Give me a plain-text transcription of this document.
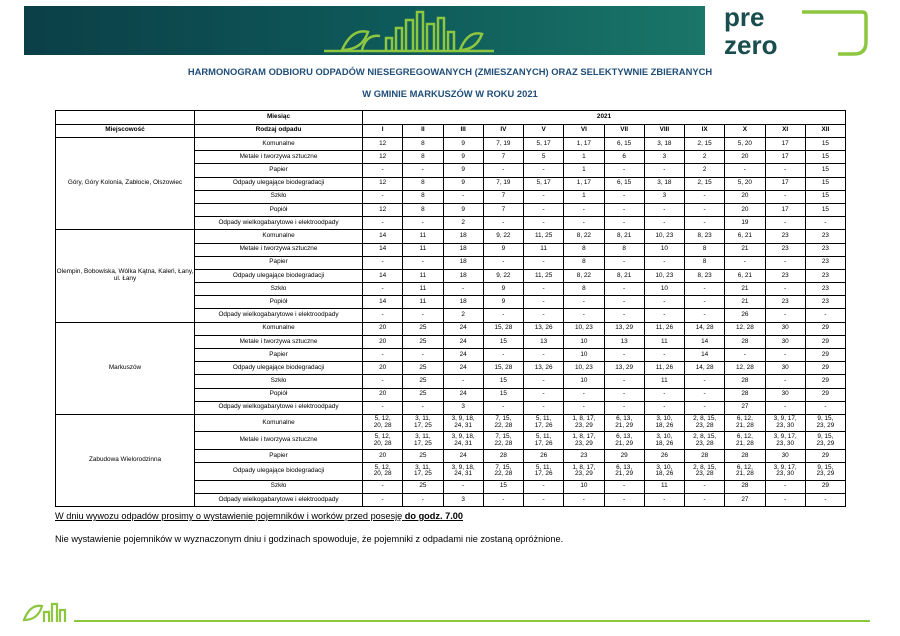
pre
zero
HARMONOGRAM ODBIORU ODPADÓW NIESEGREGOWANYCH (ZMIESZANYCH) ORAZ SELEKTYWNIE ZBIERANYCH
W GMINIE MARKUSZÓW W ROKU 2021
	Miesiąc	2021											
Miejscowość	Rodzaj odpadu	I	II	III	IV	V	VI	VII	VIII	IX	X	XI	XII
Góry, Góry Kolonia, Zabłocie, Olszowiec	Komunalne	12	8	9	7, 19	5, 17	1, 17	6, 15	3, 18	2, 15	5, 20	17	15
	Metale i tworzywa sztuczne	12	8	9	7	5	1	6	3	2	20	17	15
	Papier	-	-	9	-	-	1	-	-	2	-	-	15
	Odpady ulegające biodegradacji	12	8	9	7, 19	5, 17	1, 17	6, 15	3, 18	2, 15	5, 20	17	15
	Szkło	-	8	-	7	-	1	-	3	-	20	-	15
	Popiół	12	8	9	7	-	-	-	-	-	20	17	15
	Odpady wielkogabarytowe i elektroodpady	-	-	2	-	-	-	-	-	-	19	-	-
Olempin, Bobowiska, Wólka Kątna, Kaleń, Łany, ul. Łany	Komunalne	14	11	18	9, 22	11, 25	8, 22	8, 21	10, 23	8, 23	6, 21	23	23
	Metale i tworzywa sztuczne	14	11	18	9	11	8	8	10	8	21	23	23
	Papier	-	-	18	-	-	8	-	-	8	-	-	23
	Odpady ulegające biodegradacji	14	11	18	9, 22	11, 25	8, 22	8, 21	10, 23	8, 23	6, 21	23	23
	Szkło	-	11	-	9	-	8	-	10	-	21	-	23
	Popiół	14	11	18	9	-	-	-	-	-	21	23	23
	Odpady wielkogabarytowe i elektroodpady	-	-	2	-	-	-	-	-	-	26	-	-
Markuszów	Komunalne	20	25	24	15, 28	13, 26	10, 23	13, 29	11, 26	14, 28	12, 28	30	29
	Metale i tworzywa sztuczne	20	25	24	15	13	10	13	11	14	28	30	29
	Papier	-	-	24	-	-	10	-	-	14	-	-	29
	Odpady ulegające biodegradacji	20	25	24	15, 28	13, 26	10, 23	13, 29	11, 26	14, 28	12, 28	30	29
	Szkło	-	25	-	15	-	10	-	11	-	28	-	29
	Popiół	20	25	24	15	-	-	-	-	-	28	30	29
	Odpady wielkogabarytowe i elektroodpady	-	-	3	-	-	-	-	-	-	27	-	-
Zabudowa Wielorodzinna	Komunalne	5, 12,
20, 28	3, 11,
17, 25	3, 9, 18,
24, 31	7, 15,
22, 28	5, 11,
17, 26	1, 8, 17,
23, 29	6, 13,
21, 29	3, 10,
18, 26	2, 8, 15,
23, 28	6, 12,
21, 28	3, 9, 17,
23, 30	9, 15,
23, 29
	Metale i tworzywa sztuczne	5, 12,
20, 28	3, 11,
17, 25	3, 9, 18,
24, 31	7, 15,
22, 28	5, 11,
17, 26	1, 8, 17,
23, 29	6, 13,
21, 29	3, 10,
18, 26	2, 8, 15,
23, 28	6, 12,
21, 28	3, 9, 17,
23, 30	9, 15,
23, 29
	Papier	20	25	24	28	26	23	29	26	28	28	30	29
	Odpady ulegające biodegradacji	5, 12,
20, 28	3, 11,
17, 25	3, 9, 18,
24, 31	7, 15,
22, 28	5, 11,
17, 26	1, 8, 17,
23, 29	6, 13,
21, 29	3, 10,
18, 26	2, 8, 15,
23, 28	6, 12,
21, 28	3, 9, 17,
23, 30	9, 15,
23, 29
	Szkło	-	25	-	15	-	10	-	11	-	28	-	29
	Odpady wielkogabarytowe i elektroodpady	-	-	3	-	-	-	-	-	-	27	-	-
W dniu wywozu odpadów prosimy o wystawienie pojemników i worków przed posesję do godz. 7.00
Nie wystawienie pojemników w wyznaczonym dniu i godzinach spowoduje, że pojemniki z odpadami nie zostaną opróżnione.
